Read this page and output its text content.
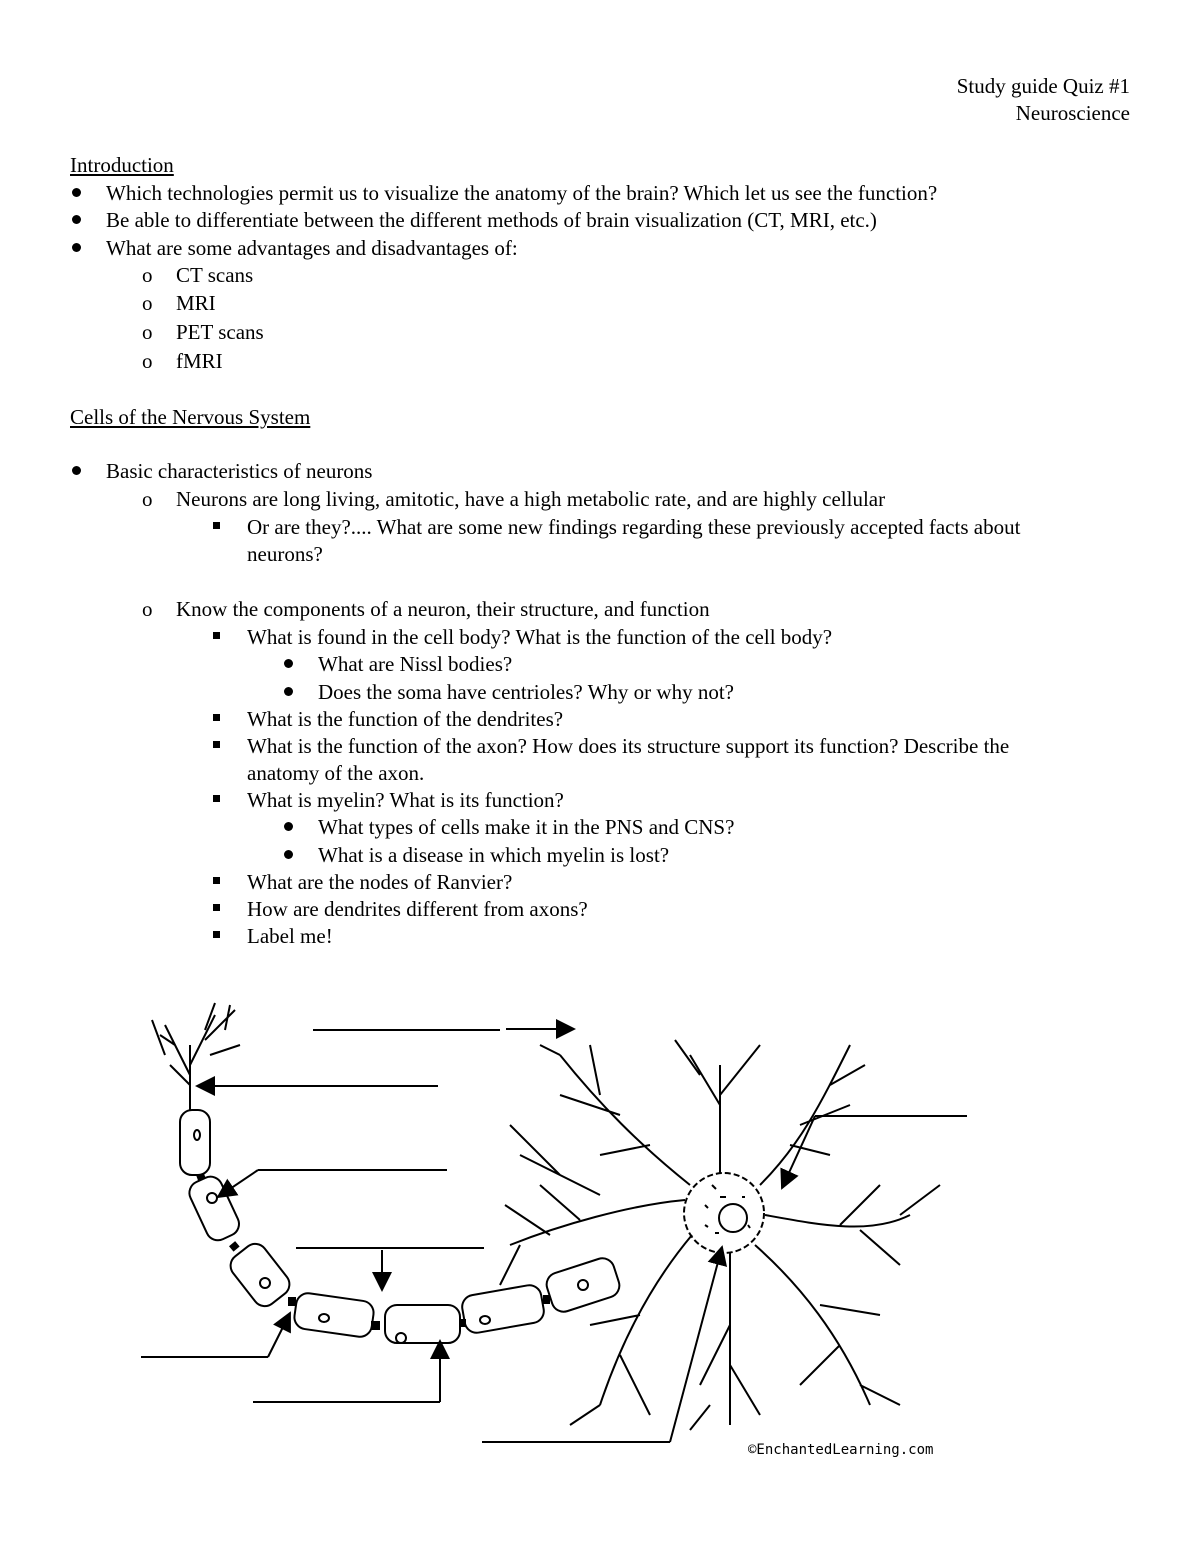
Study guide Quiz #1
Neuroscience
Introduction
Which technologies permit us to visualize the anatomy of the brain? Which let us see the function?
Be able to differentiate between the different methods of brain visualization (CT, MRI, etc.)
What are some advantages and disadvantages of:
o CT scans
o MRI
o PET scans
o fMRI
Cells of the Nervous System
Basic characteristics of neurons
o Neurons are long living, amitotic, have a high metabolic rate, and are highly cellular
Or are they?.... What are some new findings regarding these previously accepted facts about
neurons?
o Know the components of a neuron, their structure, and function
What is found in the cell body? What is the function of the cell body?
What are Nissl bodies?
Does the soma have centrioles? Why or why not?
What is the function of the dendrites?
What is the function of the axon? How does its structure support its function? Describe the
anatomy of the axon.
What is myelin? What is its function?
What types of cells make it in the PNS and CNS?
What is a disease in which myelin is lost?
What are the nodes of Ranvier?
How are dendrites different from axons?
Label me!
©EnchantedLearning.com
